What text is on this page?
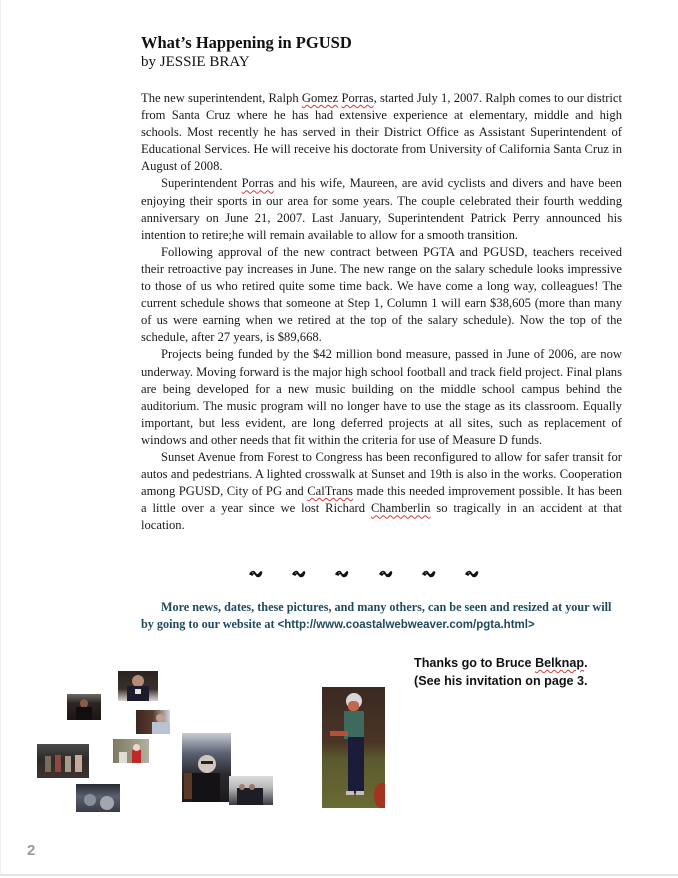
What’s Happening in PGUSD
by JESSIE BRAY

The new superintendent, Ralph Gomez Porras, started July 1, 2007. Ralph comes to our district from Santa Cruz where he has had extensive experience at elementary, middle and high schools. Most recently he has served in their District Office as Assistant Superintendent of Educational Services. He will receive his doctorate from University of California Santa Cruz in August of 2008.

Superintendent Porras and his wife, Maureen, are avid cyclists and divers and have been enjoying their sports in our area for some years. The couple celebrated their fourth wedding anniversary on June 21, 2007. Last January, Superintendent Patrick Perry announced his intention to retire;he will remain available to allow for a smooth transition.

Following approval of the new contract between PGTA and PGUSD, teachers received their retroactive pay increases in June. The new range on the salary schedule looks impressive to those of us who retired quite some time back. We have come a long way, colleagues! The current schedule shows that someone at Step 1, Column 1 will earn $38,605 (more than many of us were earning when we retired at the top of the salary schedule). Now the top of the schedule, after 27 years, is $89,668.

Projects being funded by the $42 million bond measure, passed in June of 2006, are now underway. Moving forward is the major high school football and track field project. Final plans are being developed for a new music building on the middle school campus behind the auditorium. The music program will no longer have to use the stage as its classroom. Equally important, but less evident, are long deferred projects at all sites, such as replacement of windows and other needs that fit within the criteria for use of Measure D funds.

Sunset Avenue from Forest to Congress has been reconfigured to allow for safer transit for autos and pedestrians. A lighted crosswalk at Sunset and 19th is also in the works. Cooperation among PGUSD, City of PG and CalTrans made this needed improvement possible. It has been a little over a year since we lost Richard Chamberlin so tragically in an accident at that location.

More news, dates, these pictures, and many others, can be seen and resized at your will by going to our website at <http://www.coastalwebweaver.com/pgta.html>
Thanks go to Bruce Belknap.
(See his invitation on page 3.
2
